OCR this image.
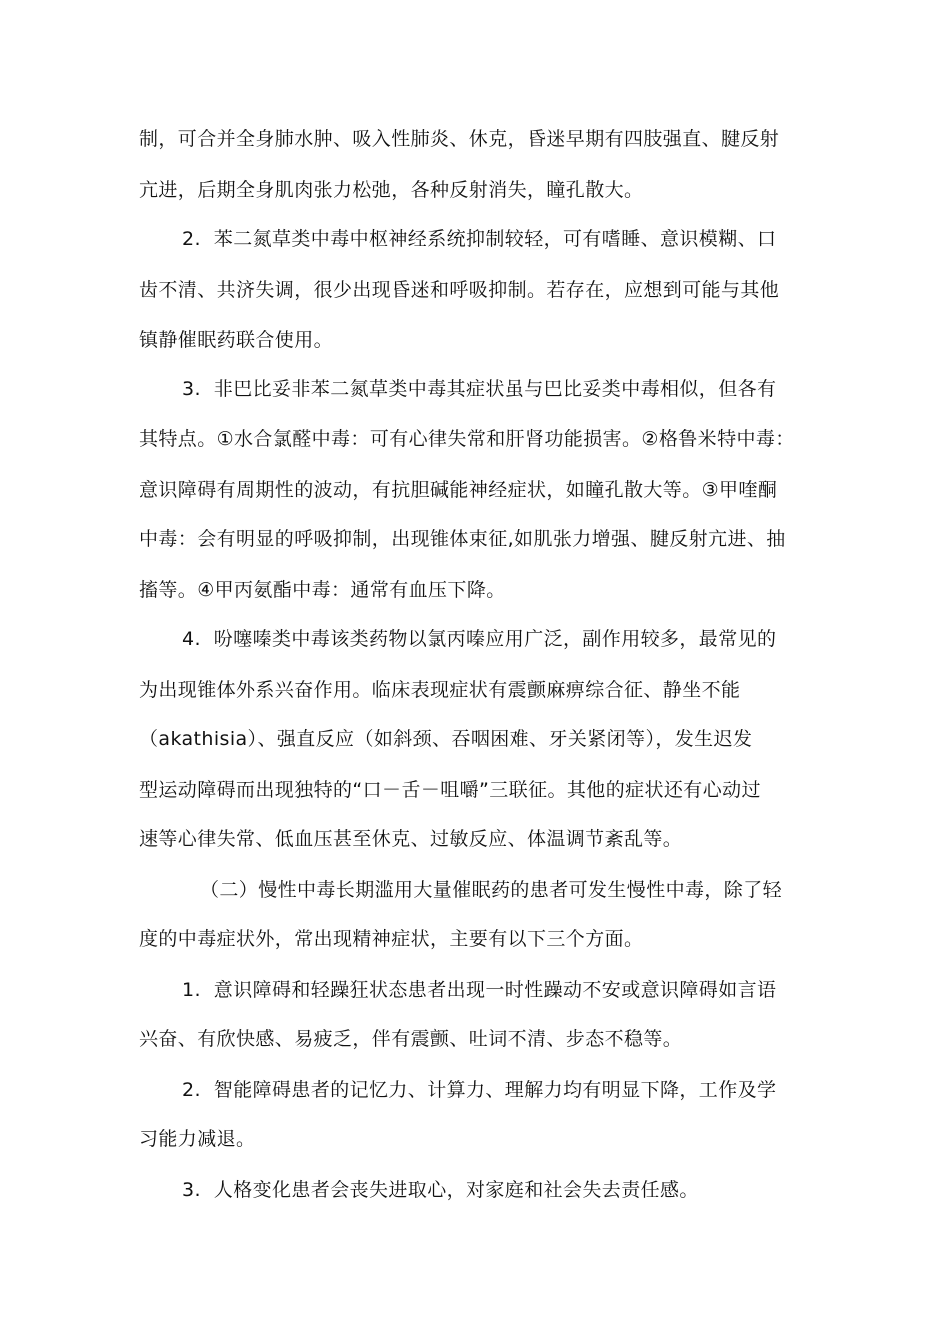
制，可合并全身肺水肿、吸入性肺炎、休克，昏迷早期有四肢强直、腱反射
亢进，后期全身肌肉张力松弛，各种反射消失，瞳孔散大。
2.  苯二氮草类中毒中枢神经系统抑制较轻，可有嗜睡、意识模糊、口
齿不清、共济失调，很少出现昏迷和呼吸抑制。若存在，应想到可能与其他
镇静催眠药联合使用。
3.  非巴比妥非苯二氮草类中毒其症状虽与巴比妥类中毒相似，但各有
其特点。①水合氯醛中毒：可有心律失常和肝肾功能损害。②格鲁米特中毒：
意识障碍有周期性的波动，有抗胆碱能神经症状，如瞳孔散大等。③甲喹酮
中毒：会有明显的呼吸抑制，出现锥体束征,如肌张力增强、腱反射亢进、抽
搐等。④甲丙氨酯中毒：通常有血压下降。
4.  吩噻嗪类中毒该类药物以氯丙嗪应用广泛，副作用较多，最常见的
为出现锥体外系兴奋作用。临床表现症状有震颤麻痹综合征、静坐不能
（akathisia）、强直反应（如斜颈、吞咽困难、牙关紧闭等），发生迟发
型运动障碍而出现独特的“口－舌－咀嚼”三联征。其他的症状还有心动过
速等心律失常、低血压甚至休克、过敏反应、体温调节紊乱等。
（二）慢性中毒长期滥用大量催眠药的患者可发生慢性中毒，除了轻
度的中毒症状外，常出现精神症状，主要有以下三个方面。
1.  意识障碍和轻躁狂状态患者出现一时性躁动不安或意识障碍如言语
兴奋、有欣快感、易疲乏，伴有震颤、吐词不清、步态不稳等。
2.  智能障碍患者的记忆力、计算力、理解力均有明显下降，工作及学
习能力减退。
3.  人格变化患者会丧失进取心，对家庭和社会失去责任感。
